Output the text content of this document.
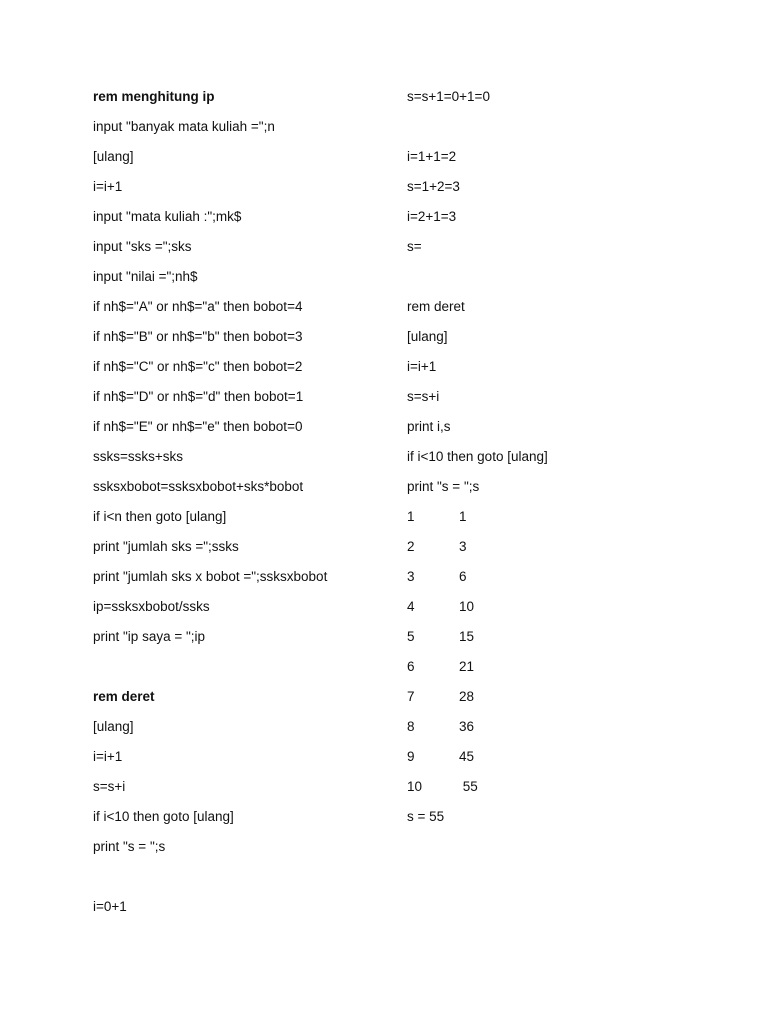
rem menghitung ip
input "banyak mata kuliah =";n
[ulang]
i=i+1
input "mata kuliah :";mk$
input "sks =";sks
input "nilai =";nh$
if nh$="A" or nh$="a" then bobot=4
if nh$="B" or nh$="b" then bobot=3
if nh$="C" or nh$="c" then bobot=2
if nh$="D" or nh$="d" then bobot=1
if nh$="E" or nh$="e" then bobot=0
ssks=ssks+sks
ssksxbobot=ssksxbobot+sks*bobot
if i<n then goto [ulang]
print "jumlah sks =";ssks
print "jumlah sks x bobot =";ssksxbobot
ip=ssksxbobot/ssks
print "ip saya = ";ip
rem deret
[ulang]
i=i+1
s=s+i
if i<10 then goto [ulang]
print "s = ";s
s=s+1=0+1=0
i=1+1=2
s=1+2=3
i=2+1=3
s=
rem deret
[ulang]
i=i+1
s=s+i
print i,s
if i<10 then goto [ulang]
print "s = ";s
1	1
2	3
3	6
4	10
5	15
6	21
7	28
8	36
9	45
10	55
s = 55
i=0+1
